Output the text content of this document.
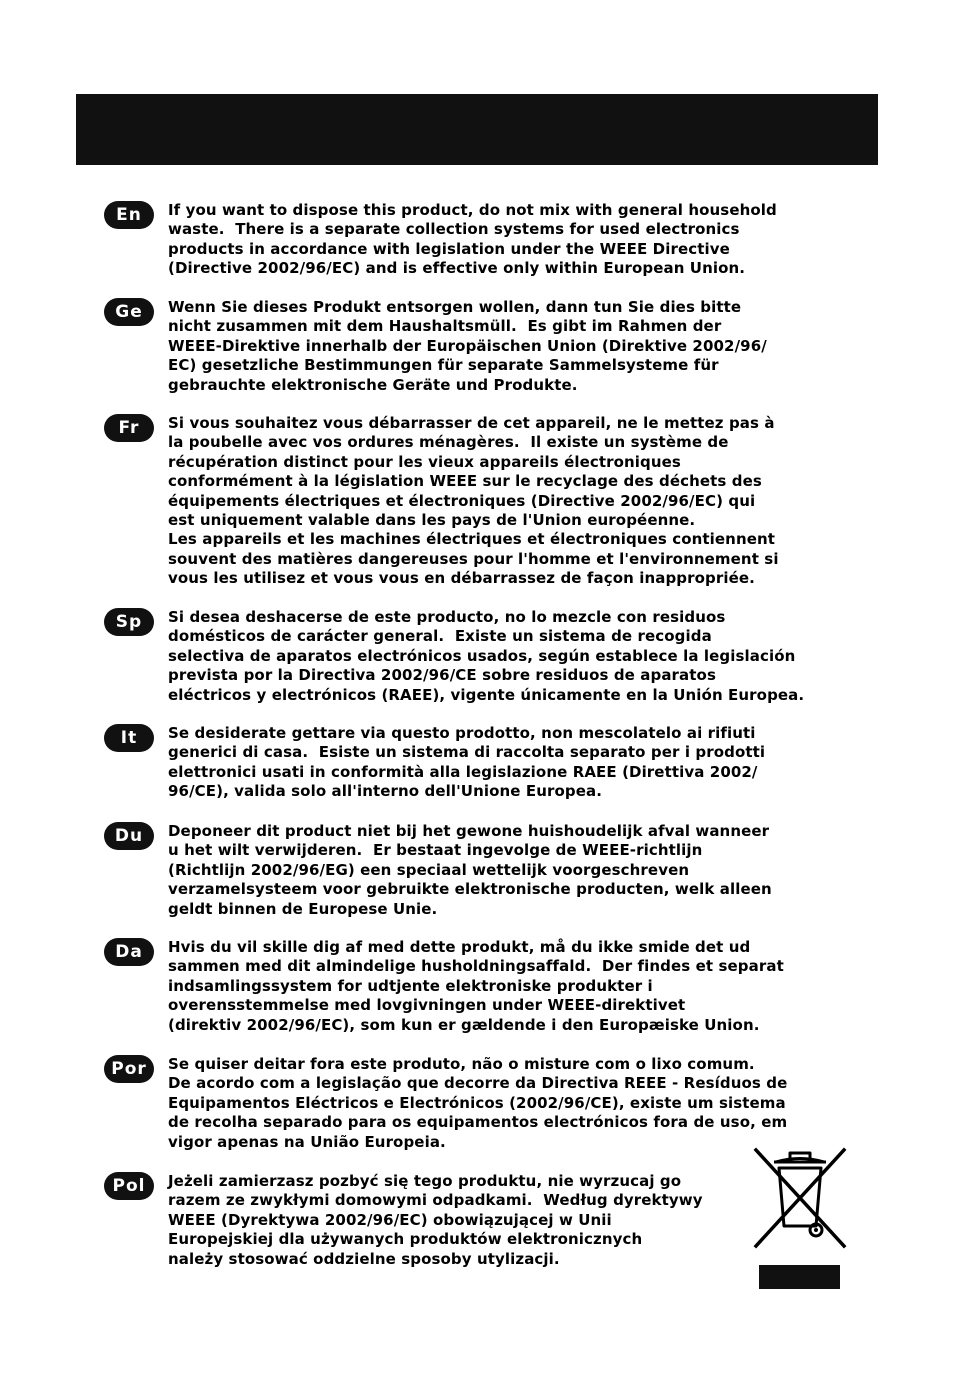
En	If you want to dispose this product, do not mix with general household
waste.  There is a separate collection systems for used electronics
products in accordance with legislation under the WEEE Directive
(Directive 2002/96/EC) and is effective only within European Union.

Ge	Wenn Sie dieses Produkt entsorgen wollen, dann tun Sie dies bitte
nicht zusammen mit dem Haushaltsmüll.  Es gibt im Rahmen der
WEEE-Direktive innerhalb der Europäischen Union (Direktive 2002/96/
EC) gesetzliche Bestimmungen für separate Sammelsysteme für
gebrauchte elektronische Geräte und Produkte.

Fr	Si vous souhaitez vous débarrasser de cet appareil, ne le mettez pas à
la poubelle avec vos ordures ménagères.  Il existe un système de
récupération distinct pour les vieux appareils électroniques
conformément à la législation WEEE sur le recyclage des déchets des
équipements électriques et électroniques (Directive 2002/96/EC) qui
est uniquement valable dans les pays de l'Union européenne.
Les appareils et les machines électriques et électroniques contiennent
souvent des matières dangereuses pour l'homme et l'environnement si
vous les utilisez et vous vous en débarrassez de façon inappropriée.

Sp	Si desea deshacerse de este producto, no lo mezcle con residuos
domésticos de carácter general.  Existe un sistema de recogida
selectiva de aparatos electrónicos usados, según establece la legislación
prevista por la Directiva 2002/96/CE sobre residuos de aparatos
eléctricos y electrónicos (RAEE), vigente únicamente en la Unión Europea.

It	Se desiderate gettare via questo prodotto, non mescolatelo ai rifiuti
generici di casa.  Esiste un sistema di raccolta separato per i prodotti
elettronici usati in conformità alla legislazione RAEE (Direttiva 2002/
96/CE), valida solo all'interno dell'Unione Europea.

Du	Deponeer dit product niet bij het gewone huishoudelijk afval wanneer
u het wilt verwijderen.  Er bestaat ingevolge de WEEE-richtlijn
(Richtlijn 2002/96/EG) een speciaal wettelijk voorgeschreven
verzamelsysteem voor gebruikte elektronische producten, welk alleen
geldt binnen de Europese Unie.

Da	Hvis du vil skille dig af med dette produkt, må du ikke smide det ud
sammen med dit almindelige husholdningsaffald.  Der findes et separat
indsamlingssystem for udtjente elektroniske produkter i
overensstemmelse med lovgivningen under WEEE-direktivet
(direktiv 2002/96/EC), som kun er gældende i den Europæiske Union.

Por	Se quiser deitar fora este produto, não o misture com o lixo comum.
De acordo com a legislação que decorre da Directiva REEE - Resíduos de
Equipamentos Eléctricos e Electrónicos (2002/96/CE), existe um sistema
de recolha separado para os equipamentos electrónicos fora de uso, em
vigor apenas na União Europeia.

Pol	Jeżeli zamierzasz pozbyć się tego produktu, nie wyrzucaj go
razem ze zwykłymi domowymi odpadkami.  Według dyrektywy
WEEE (Dyrektywa 2002/96/EC) obowiązującej w Unii
Europejskiej dla używanych produktów elektronicznych
należy stosować oddzielne sposoby utylizacji.
